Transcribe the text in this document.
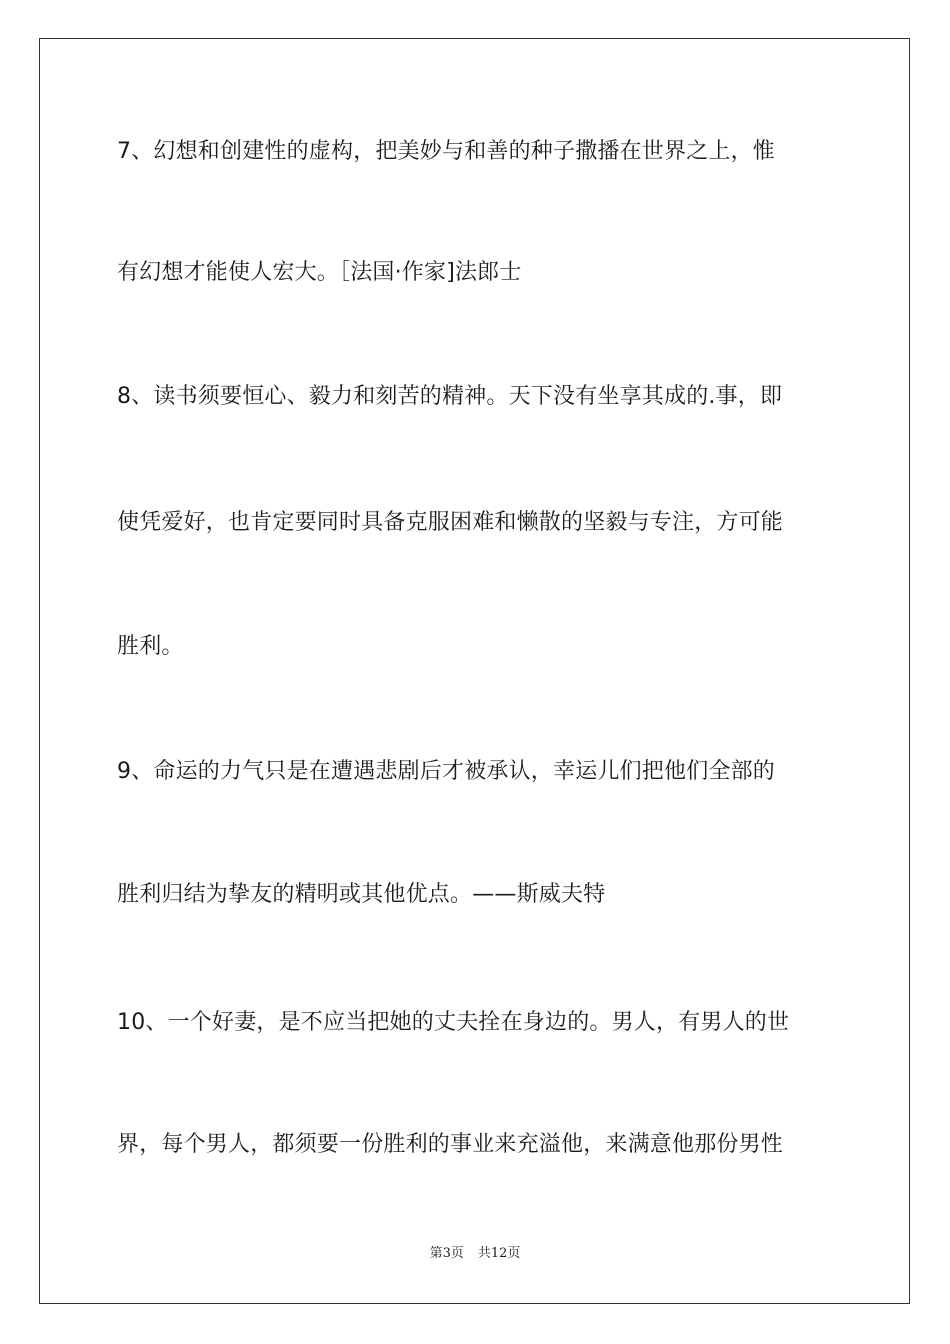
7、幻想和创建性的虚构，把美妙与和善的种子撒播在世界之上，惟
有幻想才能使人宏大。［法国·作家]法郎士
8、读书须要恒心、毅力和刻苦的精神。天下没有坐享其成的.事，即
使凭爱好，也肯定要同时具备克服困难和懒散的坚毅与专注，方可能
胜利。
9、命运的力气只是在遭遇悲剧后才被承认，幸运儿们把他们全部的
胜利归结为挚友的精明或其他优点。——斯威夫特
10、一个好妻，是不应当把她的丈夫拴在身边的。男人，有男人的世
界，每个男人，都须要一份胜利的事业来充溢他，来满意他那份男性
第3页 共12页
